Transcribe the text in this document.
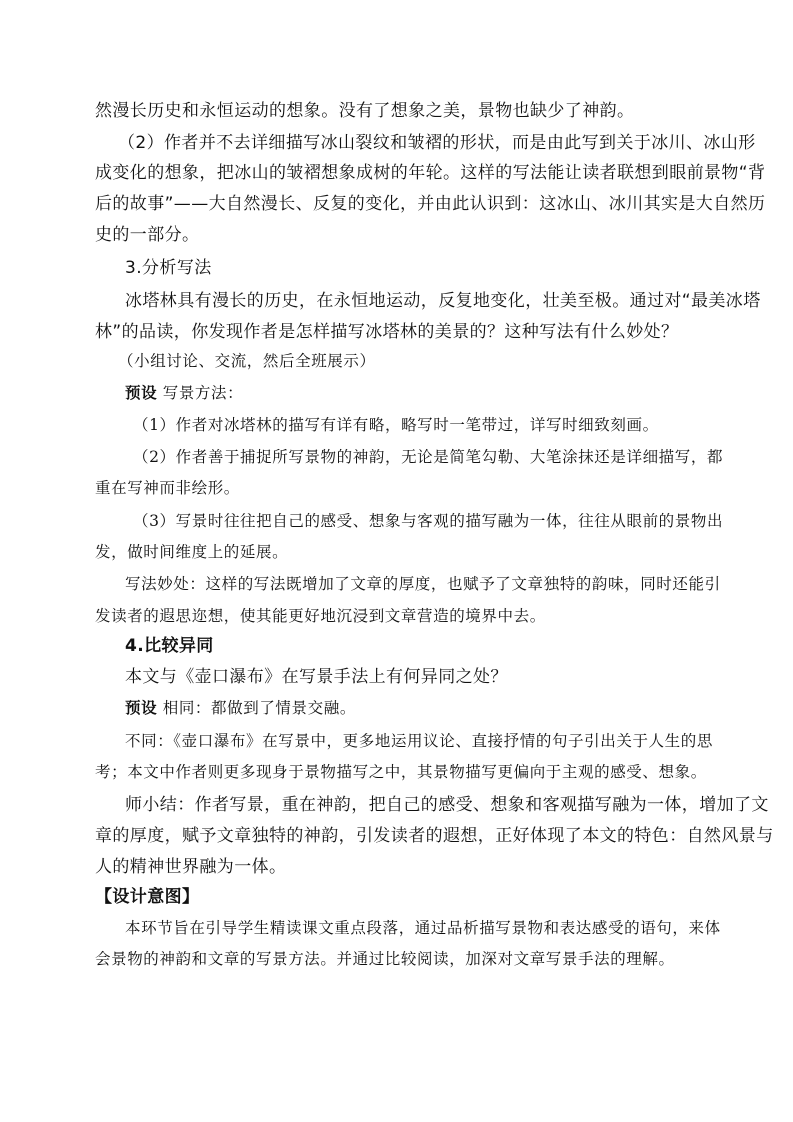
然漫长历史和永恒运动的想象。没有了想象之美，景物也缺少了神韵。
（2）作者并不去详细描写冰山裂纹和皱褶的形状，而是由此写到关于冰川、冰山形
成变化的想象，把冰山的皱褶想象成树的年轮。这样的写法能让读者联想到眼前景物“背
后的故事”——大自然漫长、反复的变化，并由此认识到：这冰山、冰川其实是大自然历
史的一部分。
3.分析写法
冰塔林具有漫长的历史，在永恒地运动，反复地变化，壮美至极。通过对“最美冰塔
林”的品读，你发现作者是怎样描写冰塔林的美景的？这种写法有什么妙处？
（小组讨论、交流，然后全班展示）
预设 写景方法：
（1）作者对冰塔林的描写有详有略，略写时一笔带过，详写时细致刻画。
（2）作者善于捕捉所写景物的神韵，无论是简笔勾勒、大笔涂抹还是详细描写，都
重在写神而非绘形。
（3）写景时往往把自己的感受、想象与客观的描写融为一体，往往从眼前的景物出
发，做时间维度上的延展。
写法妙处：这样的写法既增加了文章的厚度，也赋予了文章独特的韵味，同时还能引
发读者的遐思迩想，使其能更好地沉浸到文章营造的境界中去。
4.比较异同
本文与《壶口瀑布》在写景手法上有何异同之处？
预设 相同：都做到了情景交融。
不同：《壶口瀑布》在写景中，更多地运用议论、直接抒情的句子引出关于人生的思
考；本文中作者则更多现身于景物描写之中，其景物描写更偏向于主观的感受、想象。
师小结：作者写景，重在神韵，把自己的感受、想象和客观描写融为一体，增加了文
章的厚度，赋予文章独特的神韵，引发读者的遐想，正好体现了本文的特色：自然风景与
人的精神世界融为一体。
【设计意图】
本环节旨在引导学生精读课文重点段落，通过品析描写景物和表达感受的语句，来体
会景物的神韵和文章的写景方法。并通过比较阅读，加深对文章写景手法的理解。
